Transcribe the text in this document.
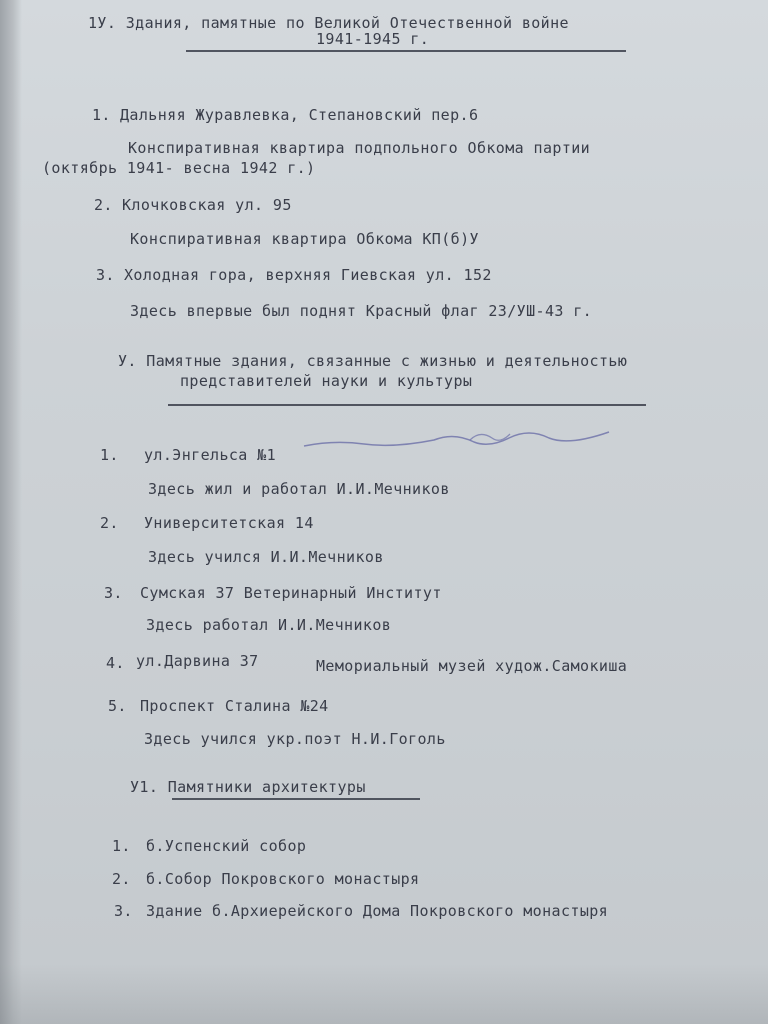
1У. Здания, памятные по Великой Отечественной войне
1941-1945 г.
1. Дальняя Журавлевка, Степановский пер.6
Конспиративная квартира подпольного Обкома партии
(октябрь 1941- весна 1942 г.)
2. Клочковская ул. 95
Конспиративная квартира Обкома КП(б)У
3. Холодная гора, верхняя Гиевская ул. 152
Здесь впервые был поднят Красный флаг 23/УШ-43 г.
У. Памятные здания, связанные с жизнью и деятельностью
представителей науки и культуры
1. ул.Энгельса №1
Здесь жил и работал И.И.Мечников
2. Университетская 14
Здесь учился И.И.Мечников
3. Сумская 37 Ветеринарный Институт
Здесь работал И.И.Мечников
4. ул.Дарвина 37	Мемориальный музей худож.Самокиша
5. Проспект Сталина №24
Здесь учился укр.поэт Н.И.Гоголь
У1. Памятники архитектуры
1. б.Успенский собор
2. б.Собор Покровского монастыря
3. Здание б.Архиерейского Дома Покровского монастыря
